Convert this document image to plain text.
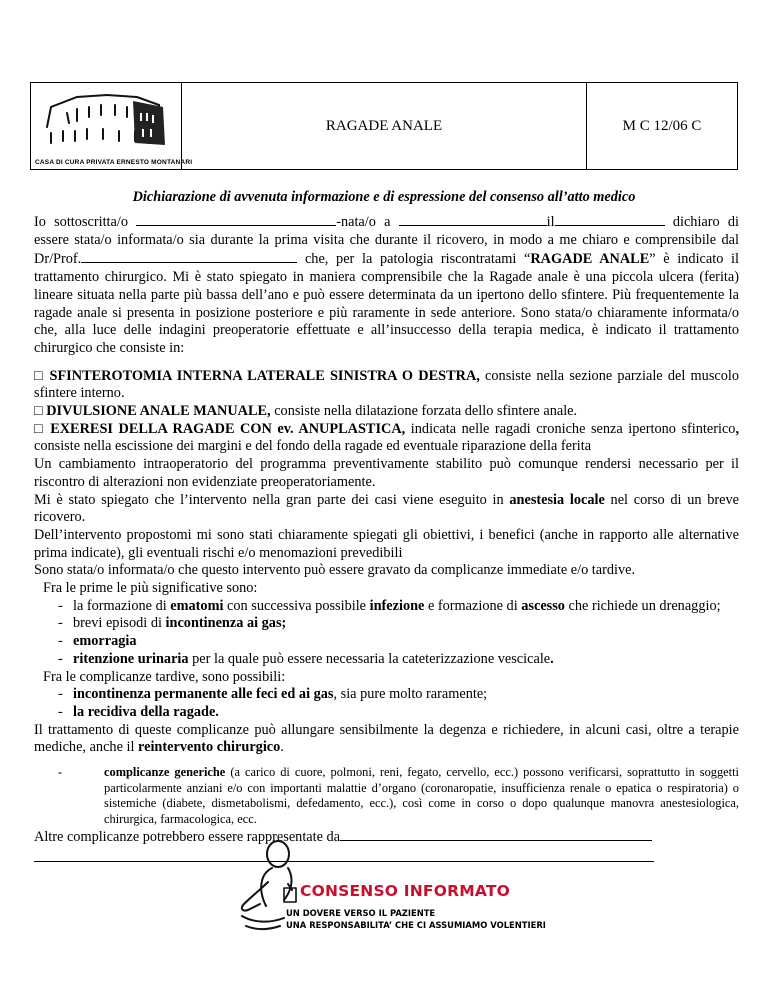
CASA DI CURA PRIVATA ERNESTO MONTANARI
RAGADE ANALE	M C 12/06 C
Dichiarazione di avvenuta informazione e di espressione del consenso all’atto medico

Io sottoscritta/o	-nata/o a	il	dichiaro di essere stata/o informata/o sia durante la prima visita che durante il ricovero, in modo a me chiaro e comprensibile dal Dr/Prof.	che, per la patologia riscontratami “RAGADE ANALE” è indicato il trattamento chirurgico. Mi è stato spiegato in maniera comprensibile che la Ragade anale è una piccola ulcera (ferita) lineare situata nella parte più bassa dell’ano e può essere determinata da un ipertono dello sfintere. Più frequentemente la ragade anale si presenta in posizione posteriore e più raramente in sede anteriore. Sono stata/o chiaramente informata/o che, alla luce delle indagini preoperatorie effettuate e all’insuccesso della terapia medica, è indicato il trattamento chirurgico che consiste in:

□ SFINTEROTOMIA INTERNA LATERALE SINISTRA O DESTRA, consiste nella sezione parziale del muscolo sfintere interno.

□ DIVULSIONE ANALE MANUALE, consiste nella dilatazione forzata dello sfintere anale.

□ EXERESI DELLA RAGADE CON ev. ANUPLASTICA, indicata nelle ragadi croniche senza ipertono sfinterico, consiste nella escissione dei margini e del fondo della ragade ed eventuale riparazione della ferita

Un cambiamento intraoperatorio del programma preventivamente stabilito può comunque rendersi necessario per il riscontro di alterazioni non evidenziate preoperatoriamente.

Mi è stato spiegato che l’intervento nella gran parte dei casi viene eseguito in anestesia locale nel corso di un breve ricovero.

Dell’intervento propostomi mi sono stati chiaramente spiegati gli obiettivi, i benefici (anche in rapporto alle alternative prima indicate), gli eventuali rischi e/o menomazioni prevedibili

Sono stata/o informata/o che questo intervento può essere gravato da complicanze immediate e/o tardive.

Fra le prime le più significative sono:

- la formazione di ematomi con successiva possibile infezione e formazione di ascesso che richiede un drenaggio;
- brevi episodi di incontinenza ai gas;
- emorragia
- ritenzione urinaria per la quale può essere necessaria la cateterizzazione vescicale.

Fra le complicanze tardive, sono possibili:

- incontinenza permanente alle feci ed ai gas, sia pure molto raramente;
- la recidiva della ragade.

Il trattamento di queste complicanze può allungare sensibilmente la degenza e richiedere, in alcuni casi, oltre a terapie mediche, anche il reintervento chirurgico.

-	complicanze generiche (a carico di cuore, polmoni, reni, fegato, cervello, ecc.) possono verificarsi, soprattutto in soggetti particolarmente anziani e/o con importanti malattie d’organo (coronaropatie, insufficienza renale o epatica o respiratoria) o sistemiche (diabete, dismetabolismi, defedamento, ecc.), così come in corso o dopo qualunque manovra anestesiologica, chirurgica, farmacologica, ecc.

Altre complicanze potrebbero essere rappresentate da

CONSENSO INFORMATO
UN DOVERE VERSO IL PAZIENTE
UNA RESPONSABILITA’ CHE CI ASSUMIAMO VOLENTIERI
